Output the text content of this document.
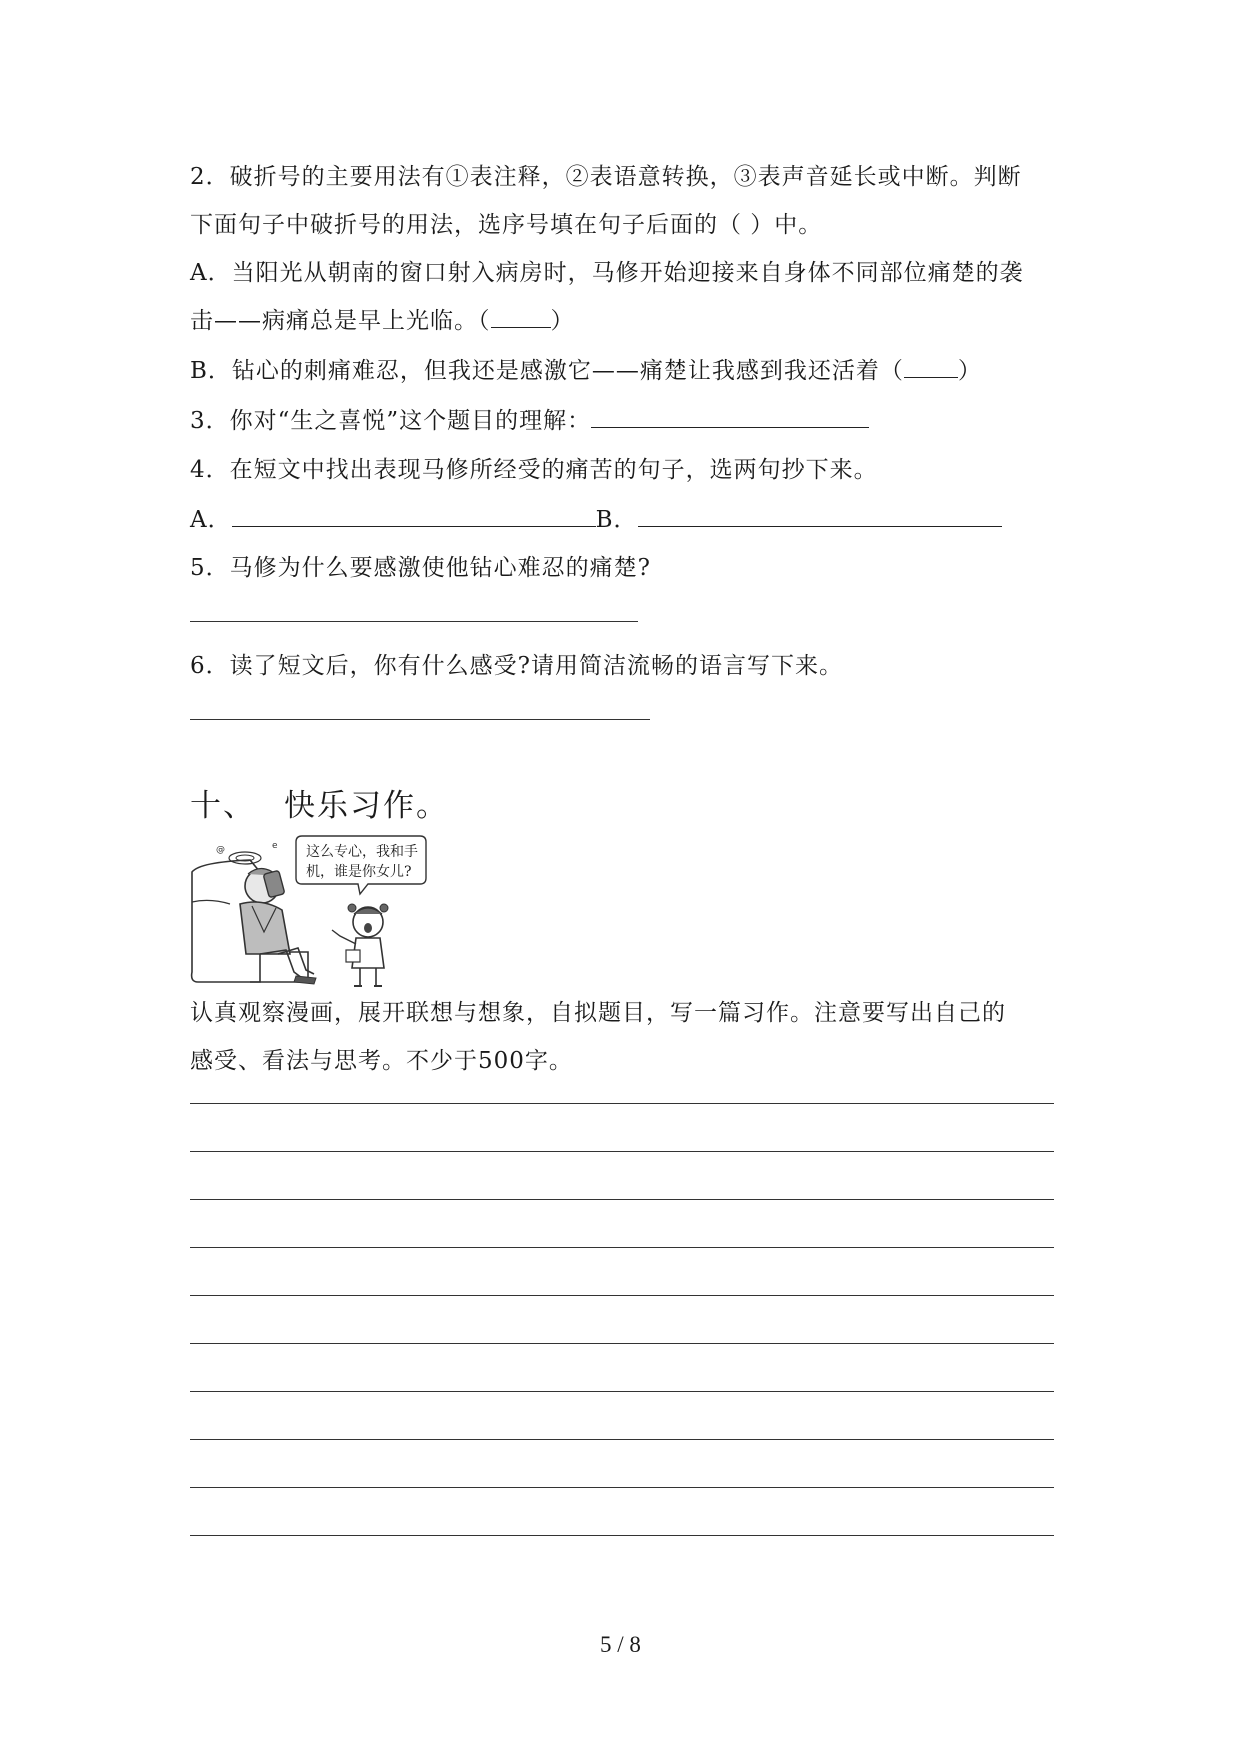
2．破折号的主要用法有①表注释，②表语意转换，③表声音延长或中断。判断
下面句子中破折号的用法，选序号填在句子后面的（ ）中。
A．当阳光从朝南的窗口射入病房时，马修开始迎接来自身体不同部位痛楚的袭
击——病痛总是早上光临。（	）
B．钻心的刺痛难忍，但我还是感激它——痛楚让我感到我还活着（ ）
3．你对“生之喜悦”这个题目的理解：
4．在短文中找出表现马修所经受的痛苦的句子，选两句抄下来。
A．	B．
5．马修为什么要感激使他钻心难忍的痛楚?
6．读了短文后，你有什么感受?请用简洁流畅的语言写下来。
十、 快乐习作。
@	e 这么专心，我和手
机，谁是你女儿?
认真观察漫画，展开联想与想象，自拟题目，写一篇习作。注意要写出自己的
感受、看法与思考。不少于500字。
5 / 8
